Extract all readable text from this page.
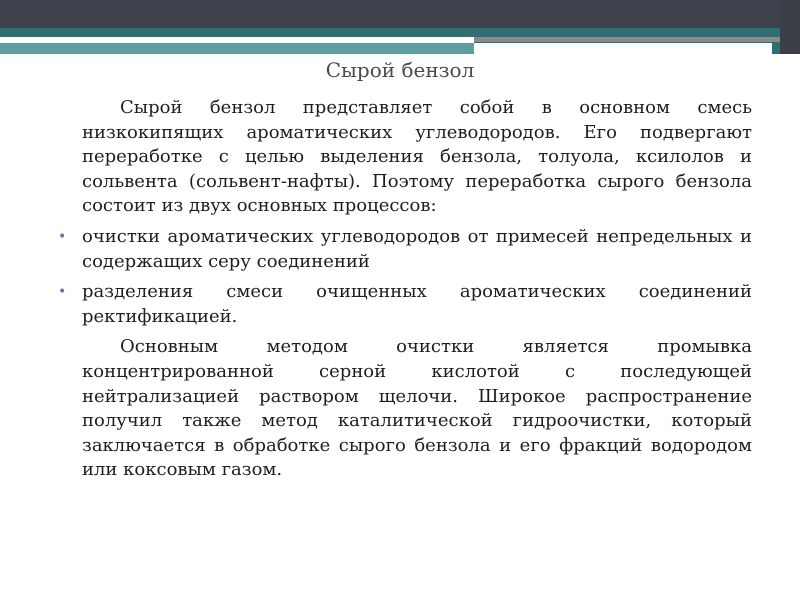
Сырой бензол

Сырой бензол представляет собой в основном смесь низкокипящих ароматических углеводородов. Его подвергают переработке с целью выделения бензола, толуола, ксилолов и сольвента (сольвент-нафты). Поэтому переработка сырого бензола состоит из двух основных процессов:

• очистки ароматических углеводородов от примесей непредельных и содержащих серу соединений
• разделения смеси очищенных ароматических соединений ректификацией.

Основным методом очистки является промывка концентрированной серной кислотой с последующей нейтрализацией раствором щелочи. Широкое распространение получил также метод каталитической гидроочистки, который заключается в обработке сырого бензола и его фракций водородом или коксовым газом.
